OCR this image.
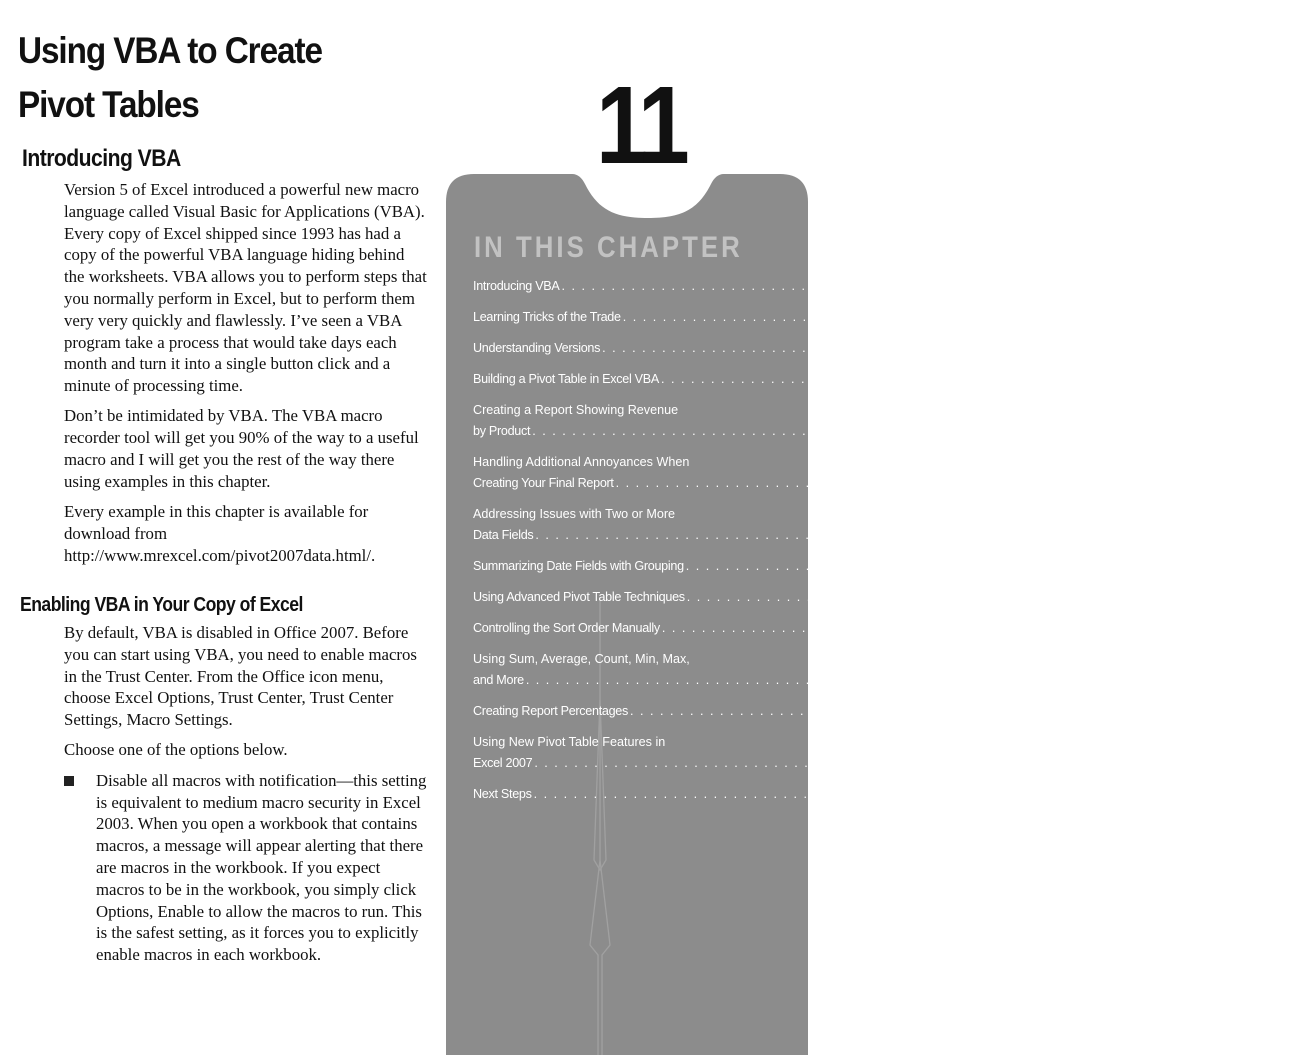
Using VBA to Create Pivot Tables	11
Introducing VBA

Version 5 of Excel introduced a powerful new macro language called Visual Basic for Applications (VBA). Every copy of Excel shipped since 1993 has had a copy of the powerful VBA language hiding behind the worksheets. VBA allows you to perform steps that you normally perform in Excel, but to perform them very very quickly and flawlessly. I’ve seen a VBA program take a process that would take days each month and turn it into a single button click and a minute of processing time.

Don’t be intimidated by VBA. The VBA macro recorder tool will get you 90% of the way to a useful macro and I will get you the rest of the way there using examples in this chapter.

Every example in this chapter is available for download from http://www.mrexcel.com/pivot2007data.html/.

Enabling VBA in Your Copy of Excel

By default, VBA is disabled in Office 2007. Before you can start using VBA, you need to enable macros in the Trust Center. From the Office icon menu, choose Excel Options, Trust Center, Trust Center Settings, Macro Settings.

Choose one of the options below.

Disable all macros with notification—this setting is equivalent to medium macro security in Excel 2003. When you open a workbook that contains macros, a message will appear alerting that there are macros in the workbook. If you expect macros to be in the workbook, you simply click Options, Enable to allow the macros to run. This is the safest setting, as it forces you to explicitly enable macros in each workbook.

IN THIS CHAPTER
Introducing VBA . . . . . . . . . . . . . . . . . . . . . . . . . . . . . . . . . . . . . . . . . . . . . . . . . . . . . . . . . . . . 231
Learning Tricks of the Trade . . . . . . . . . . . . . . . . . . . . . . . . . . . . . . . . . . . . . . . . . . . . . . . . . . . . . . . . . . . . 234
Understanding Versions . . . . . . . . . . . . . . . . . . . . . . . . . . . . . . . . . . . . . . . . . . . . . . . . . . . . . . . . . . . . 236
Building a Pivot Table in Excel VBA . . . . . . . . . . . . . . . . . . . . . . . . . . . . . . . . . . . . . . . . . . . . . . . . . . . . . . . . . . . . 239
Creating a Report Showing Revenue
by Product . . . . . . . . . . . . . . . . . . . . . . . . . . . . . . . . . . . . . . . . . . . . . . . . . . . . . . . . . . . . 246
Handling Additional Annoyances When
Creating Your Final Report . . . . . . . . . . . . . . . . . . . . . . . . . . . . . . . . . . . . . . . . . . . . . . . . . . . . . . . . . . . . 250
Addressing Issues with Two or More
Data Fields . . . . . . . . . . . . . . . . . . . . . . . . . . . . . . . . . . . . . . . . . . . . . . . . . . . . . . . . . . . . 257
Summarizing Date Fields with Grouping . . . . . . . . . . . . . . . . . . . . . . . . . . . . . . . . . . . . . . . . . . . . . . . . . . . . . . . . . . . . 263
Using Advanced Pivot Table Techniques . . . . . . . . . . . . . . . . . . . . . . . . . . . . . . . . . . . . . . . . . . . . . . . . . . . . . . . . . . . . 267
Controlling the Sort Order Manually . . . . . . . . . . . . . . . . . . . . . . . . . . . . . . . . . . . . . . . . . . . . . . . . . . . . . . . . . . . . 276
Using Sum, Average, Count, Min, Max,
and More . . . . . . . . . . . . . . . . . . . . . . . . . . . . . . . . . . . . . . . . . . . . . . . . . . . . . . . . . . . . 276
Creating Report Percentages . . . . . . . . . . . . . . . . . . . . . . . . . . . . . . . . . . . . . . . . . . . . . . . . . . . . . . . . . . . . 277
Using New Pivot Table Features in
Excel 2007 . . . . . . . . . . . . . . . . . . . . . . . . . . . . . . . . . . . . . . . . . . . . . . . . . . . . . . . . . . . . 279
Next Steps . . . . . . . . . . . . . . . . . . . . . . . . . . . . . . . . . . . . . . . . . . . . . . . . . . . . . . . . . . . . 289
